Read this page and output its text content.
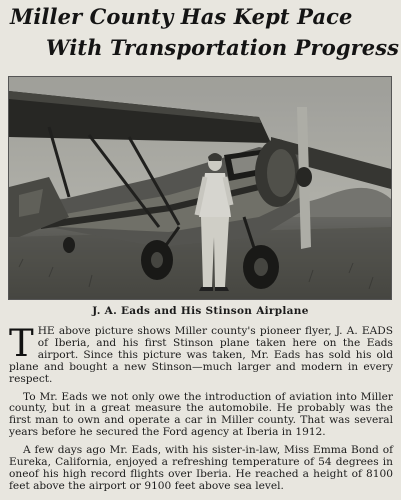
Miller County Has Kept Pace
With Transportation Progress
J. A. Eads and His Stinson Airplane

THE above picture shows Miller county's pioneer flyer, J. A. EADS of Iberia, and his first Stinson plane taken here on the Eads airport. Since this picture was taken, Mr. Eads has sold his old plane and bought a new Stinson—much larger and modern in every respect.

To Mr. Eads we not only owe the introduction of aviation into Miller county, but in a great measure the automobile. He probably was the first man to own and operate a car in Miller county. That was several years before he secured the Ford agency at Iberia in 1912.

A few days ago Mr. Eads, with his sister-in-law, Miss Emma Bond of Eureka, California, enjoyed a refreshing temperature of 54 degrees in oneof his high record flights over Iberia. He reached a height of 8100 feet above the airport or 9100 feet above sea level.
